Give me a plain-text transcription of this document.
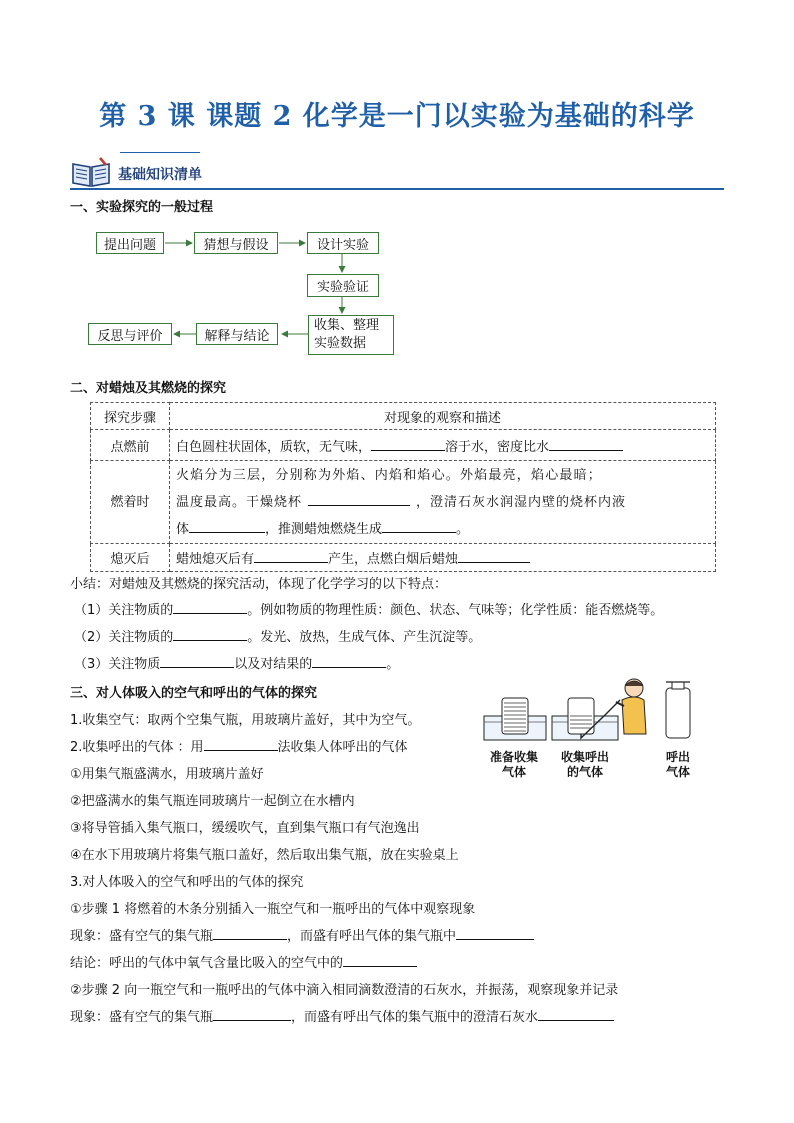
第 3 课 课题 2 化学是一门以实验为基础的科学
基础知识清单
一、实验探究的一般过程
提出问题	猜想与假设	设计实验
实验验证
收集、整理
实验数据
解释与结论
反思与评价
二、对蜡烛及其燃烧的探究
探究步骤	对现象的观察和描述
点燃前	白色圆柱状固体，质软，无气味， 溶于水，密度比水
燃着时	火焰分为三层，分别称为外焰、内焰和焰心。外焰最亮，焰心最暗；
温度最高。干燥烧杯 ，澄清石灰水润湿内壁的烧杯内液
体 ，推测蜡烛燃烧生成 。

熄灭后	蜡烛熄灭后有 产生，点燃白烟后蜡烛
小结：对蜡烛及其燃烧的探究活动，体现了化学学习的以下特点：
（1）关注物质的	。例如物质的物理性质：颜色、状态、气味等；化学性质：能否燃烧等。
（2）关注物质的	。发光、放热，生成气体、产生沉淀等。
（3）关注物质	以及对结果的	。
三、对人体吸入的空气和呼出的气体的探究
1.收集空气：取两个空集气瓶，用玻璃片盖好，其中为空气。
2.收集呼出的气体 ：用	法收集人体呼出的气体
①用集气瓶盛满水，用玻璃片盖好
②把盛满水的集气瓶连同玻璃片一起倒立在水槽内
③将导管插入集气瓶口，缓缓吹气，直到集气瓶口有气泡逸出
④在水下用玻璃片将集气瓶口盖好，然后取出集气瓶，放在实验桌上
3.对人体吸入的空气和呼出的气体的探究
①步骤 1 将燃着的木条分别插入一瓶空气和一瓶呼出的气体中观察现象
现象：盛有空气的集气瓶	，而盛有呼出气体的集气瓶中
结论：呼出的气体中氧气含量比吸入的空气中的
②步骤 2 向一瓶空气和一瓶呼出的气体中滴入相同滴数澄清的石灰水，并振荡，观察现象并记录
现象：盛有空气的集气瓶	，而盛有呼出气体的集气瓶中的澄清石灰水
准备收集
气体
收集呼出
的气体
呼出
气体
